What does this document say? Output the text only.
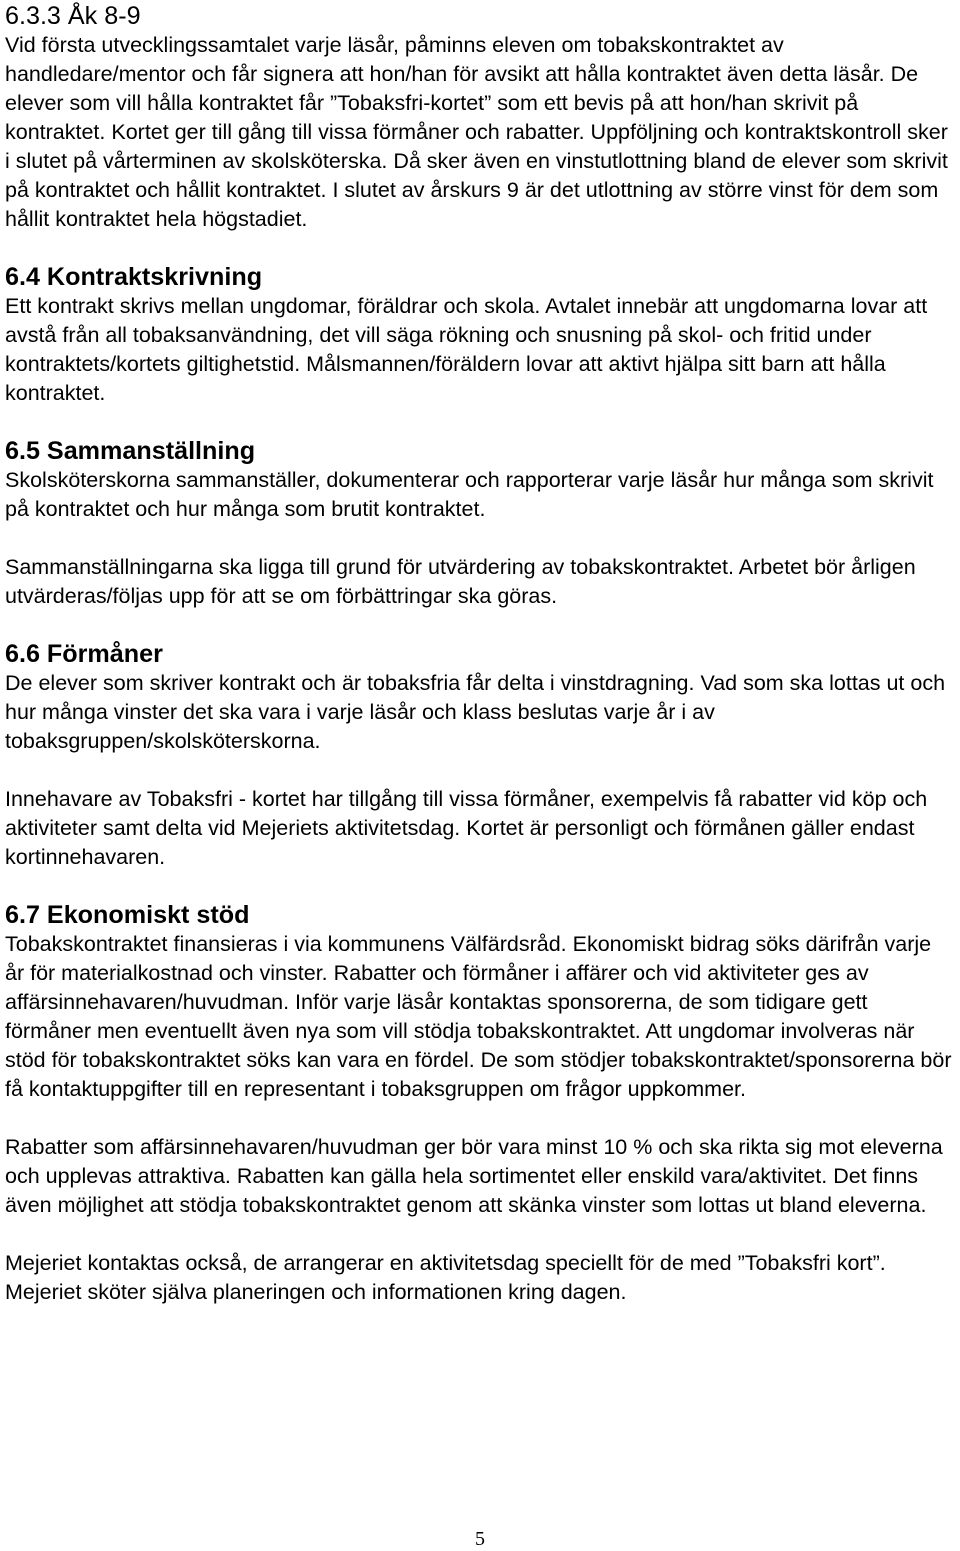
6.3.3 Åk 8-9

Vid första utvecklingssamtalet varje läsår, påminns eleven om tobakskontraktet av handledare/mentor och får signera att hon/han för avsikt att hålla kontraktet även detta läsår. De elever som vill hålla kontraktet får ”Tobaksfri-kortet” som ett bevis på att hon/han skrivit på kontraktet. Kortet ger till gång till vissa förmåner och rabatter. Uppföljning och kontraktskontroll sker i slutet på vårterminen av skolsköterska. Då sker även en vinstutlottning bland de elever som skrivit på kontraktet och hållit kontraktet. I slutet av årskurs 9 är det utlottning av större vinst för dem som hållit kontraktet hela högstadiet.

6.4 Kontraktskrivning

Ett kontrakt skrivs mellan ungdomar, föräldrar och skola. Avtalet innebär att ungdomarna lovar att avstå från all tobaksanvändning, det vill säga rökning och snusning på skol- och fritid under kontraktets/kortets giltighetstid. Målsmannen/föräldern lovar att aktivt hjälpa sitt barn att hålla kontraktet.

6.5 Sammanställning

Skolsköterskorna sammanställer, dokumenterar och rapporterar varje läsår hur många som skrivit på kontraktet och hur många som brutit kontraktet.

Sammanställningarna ska ligga till grund för utvärdering av tobakskontraktet. Arbetet bör årligen utvärderas/följas upp för att se om förbättringar ska göras.

6.6 Förmåner

De elever som skriver kontrakt och är tobaksfria får delta i vinstdragning. Vad som ska lottas ut och hur många vinster det ska vara i varje läsår och klass beslutas varje år i av tobaksgruppen/skolsköterskorna.

Innehavare av Tobaksfri - kortet har tillgång till vissa förmåner, exempelvis få rabatter vid köp och aktiviteter samt delta vid Mejeriets aktivitetsdag. Kortet är personligt och förmånen gäller endast kortinnehavaren.

6.7 Ekonomiskt stöd

Tobakskontraktet finansieras i via kommunens Välfärdsråd. Ekonomiskt bidrag söks därifrån varje år för materialkostnad och vinster. Rabatter och förmåner i affärer och vid aktiviteter ges av affärsinnehavaren/huvudman. Inför varje läsår kontaktas sponsorerna, de som tidigare gett förmåner men eventuellt även nya som vill stödja tobakskontraktet. Att ungdomar involveras när stöd för tobakskontraktet söks kan vara en fördel. De som stödjer tobakskontraktet/sponsorerna bör få kontaktuppgifter till en representant i tobaksgruppen om frågor uppkommer.

Rabatter som affärsinnehavaren/huvudman ger bör vara minst 10 % och ska rikta sig mot eleverna och upplevas attraktiva. Rabatten kan gälla hela sortimentet eller enskild vara/aktivitet. Det finns även möjlighet att stödja tobakskontraktet genom att skänka vinster som lottas ut bland eleverna.

Mejeriet kontaktas också, de arrangerar en aktivitetsdag speciellt för de med ”Tobaksfri kort”. Mejeriet sköter själva planeringen och informationen kring dagen.

5
